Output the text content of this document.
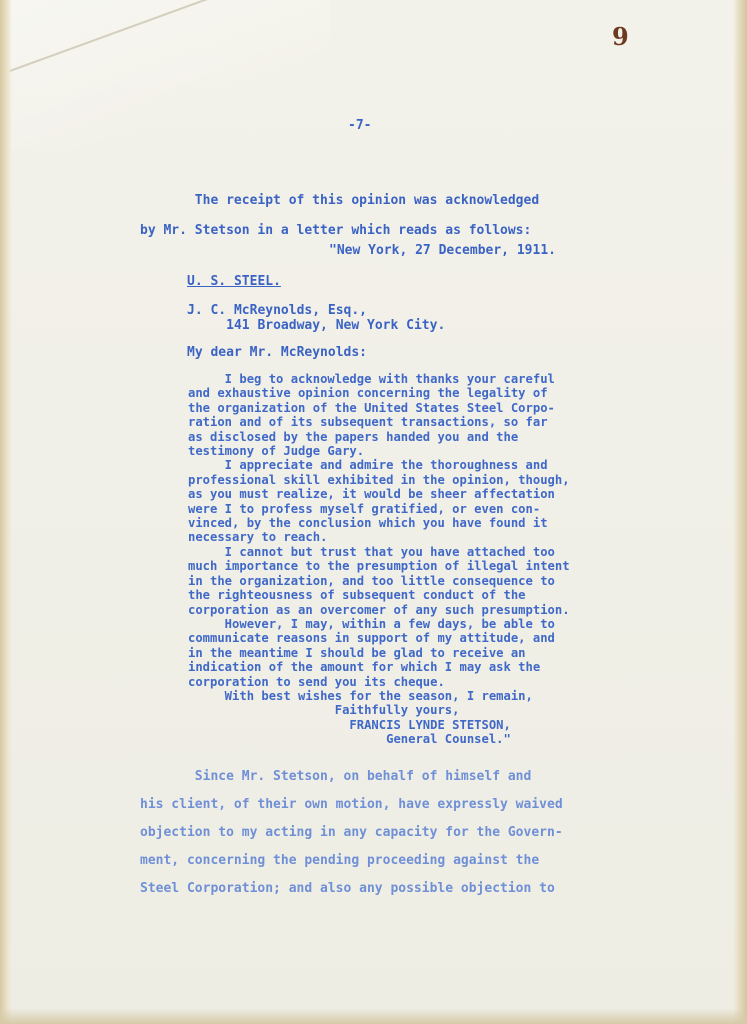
9
-7-
The receipt of this opinion was acknowledged
by Mr. Stetson in a letter which reads as follows:
"New York, 27 December, 1911.
U. S. STEEL.
J. C. McReynolds, Esq.,
141 Broadway, New York City.
My dear Mr. McReynolds:
I beg to acknowledge with thanks your careful
and exhaustive opinion concerning the legality of
the organization of the United States Steel Corpo-
ration and of its subsequent transactions, so far
as disclosed by the papers handed you and the
testimony of Judge Gary.
I appreciate and admire the thoroughness and
professional skill exhibited in the opinion, though,
as you must realize, it would be sheer affectation
were I to profess myself gratified, or even con-
vinced, by the conclusion which you have found it
necessary to reach.
I cannot but trust that you have attached too
much importance to the presumption of illegal intent
in the organization, and too little consequence to
the righteousness of subsequent conduct of the
corporation as an overcomer of any such presumption.
However, I may, within a few days, be able to
communicate reasons in support of my attitude, and
in the meantime I should be glad to receive an
indication of the amount for which I may ask the
corporation to send you its cheque.
With best wishes for the season, I remain,
Faithfully yours,
FRANCIS LYNDE STETSON,
General Counsel."
Since Mr. Stetson, on behalf of himself and
his client, of their own motion, have expressly waived
objection to my acting in any capacity for the Govern-
ment, concerning the pending proceeding against the
Steel Corporation; and also any possible objection to
